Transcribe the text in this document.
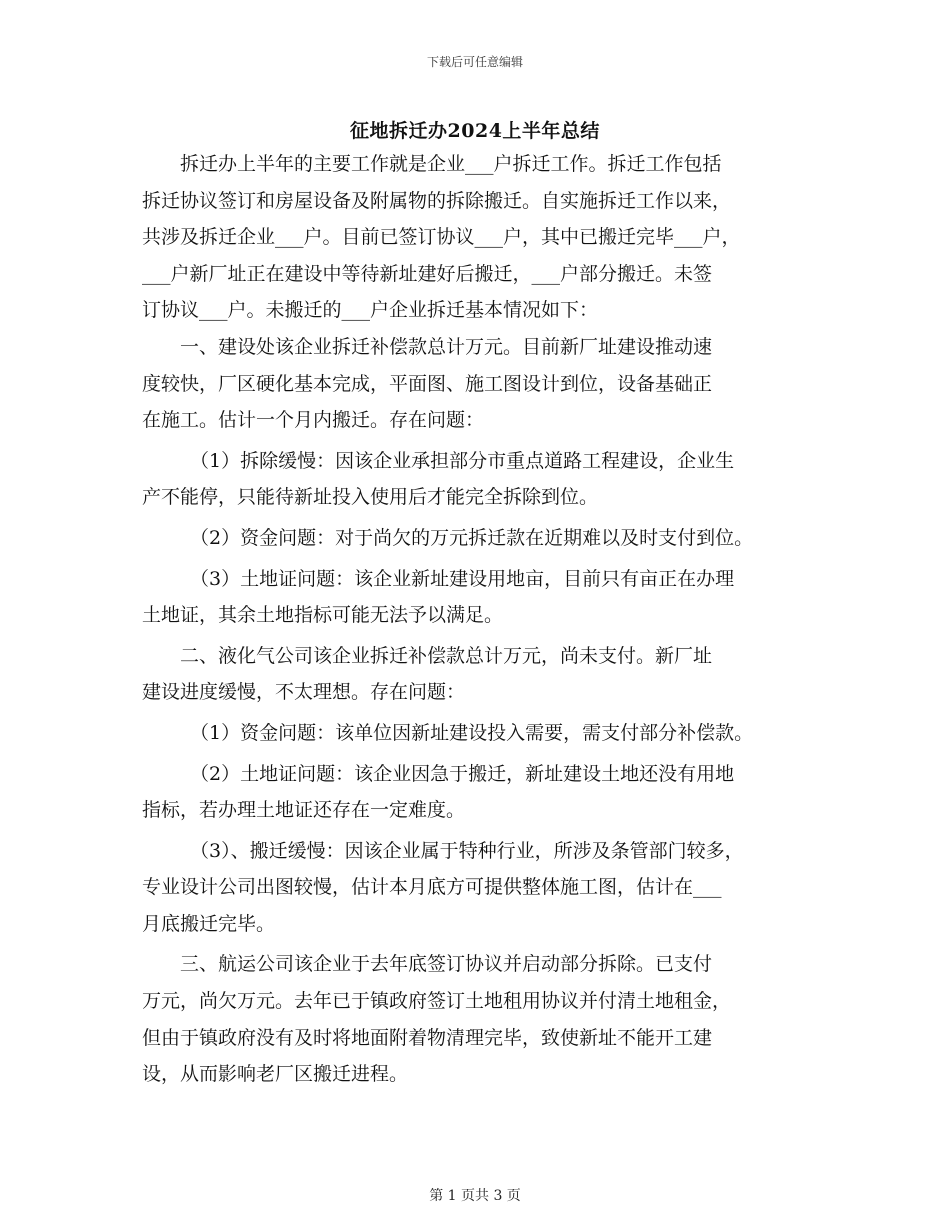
下载后可任意编辑
征地拆迁办2024上半年总结

拆迁办上半年的主要工作就是企业___户拆迁工作。拆迁工作包括

拆迁协议签订和房屋设备及附属物的拆除搬迁。自实施拆迁工作以来，

共涉及拆迁企业___户。目前已签订协议___户，其中已搬迁完毕___户，

___户新厂址正在建设中等待新址建好后搬迁，___户部分搬迁。未签

订协议___户。未搬迁的___户企业拆迁基本情况如下：

一、建设处该企业拆迁补偿款总计万元。目前新厂址建设推动速

度较快，厂区硬化基本完成，平面图、施工图设计到位，设备基础正

在施工。估计一个月内搬迁。存在问题：

（1）拆除缓慢：因该企业承担部分市重点道路工程建设，企业生

产不能停，只能待新址投入使用后才能完全拆除到位。

（2）资金问题：对于尚欠的万元拆迁款在近期难以及时支付到位。

（3）土地证问题：该企业新址建设用地亩，目前只有亩正在办理

土地证，其余土地指标可能无法予以满足。

二、液化气公司该企业拆迁补偿款总计万元，尚未支付。新厂址

建设进度缓慢，不太理想。存在问题：

（1）资金问题：该单位因新址建设投入需要，需支付部分补偿款。

（2）土地证问题：该企业因急于搬迁，新址建设土地还没有用地

指标，若办理土地证还存在一定难度。

（3）、搬迁缓慢：因该企业属于特种行业，所涉及条管部门较多，

专业设计公司出图较慢，估计本月底方可提供整体施工图，估计在___

月底搬迁完毕。

三、航运公司该企业于去年底签订协议并启动部分拆除。已支付

万元，尚欠万元。去年已于镇政府签订土地租用协议并付清土地租金，

但由于镇政府没有及时将地面附着物清理完毕，致使新址不能开工建

设，从而影响老厂区搬迁进程。

第 1 页共 3 页
